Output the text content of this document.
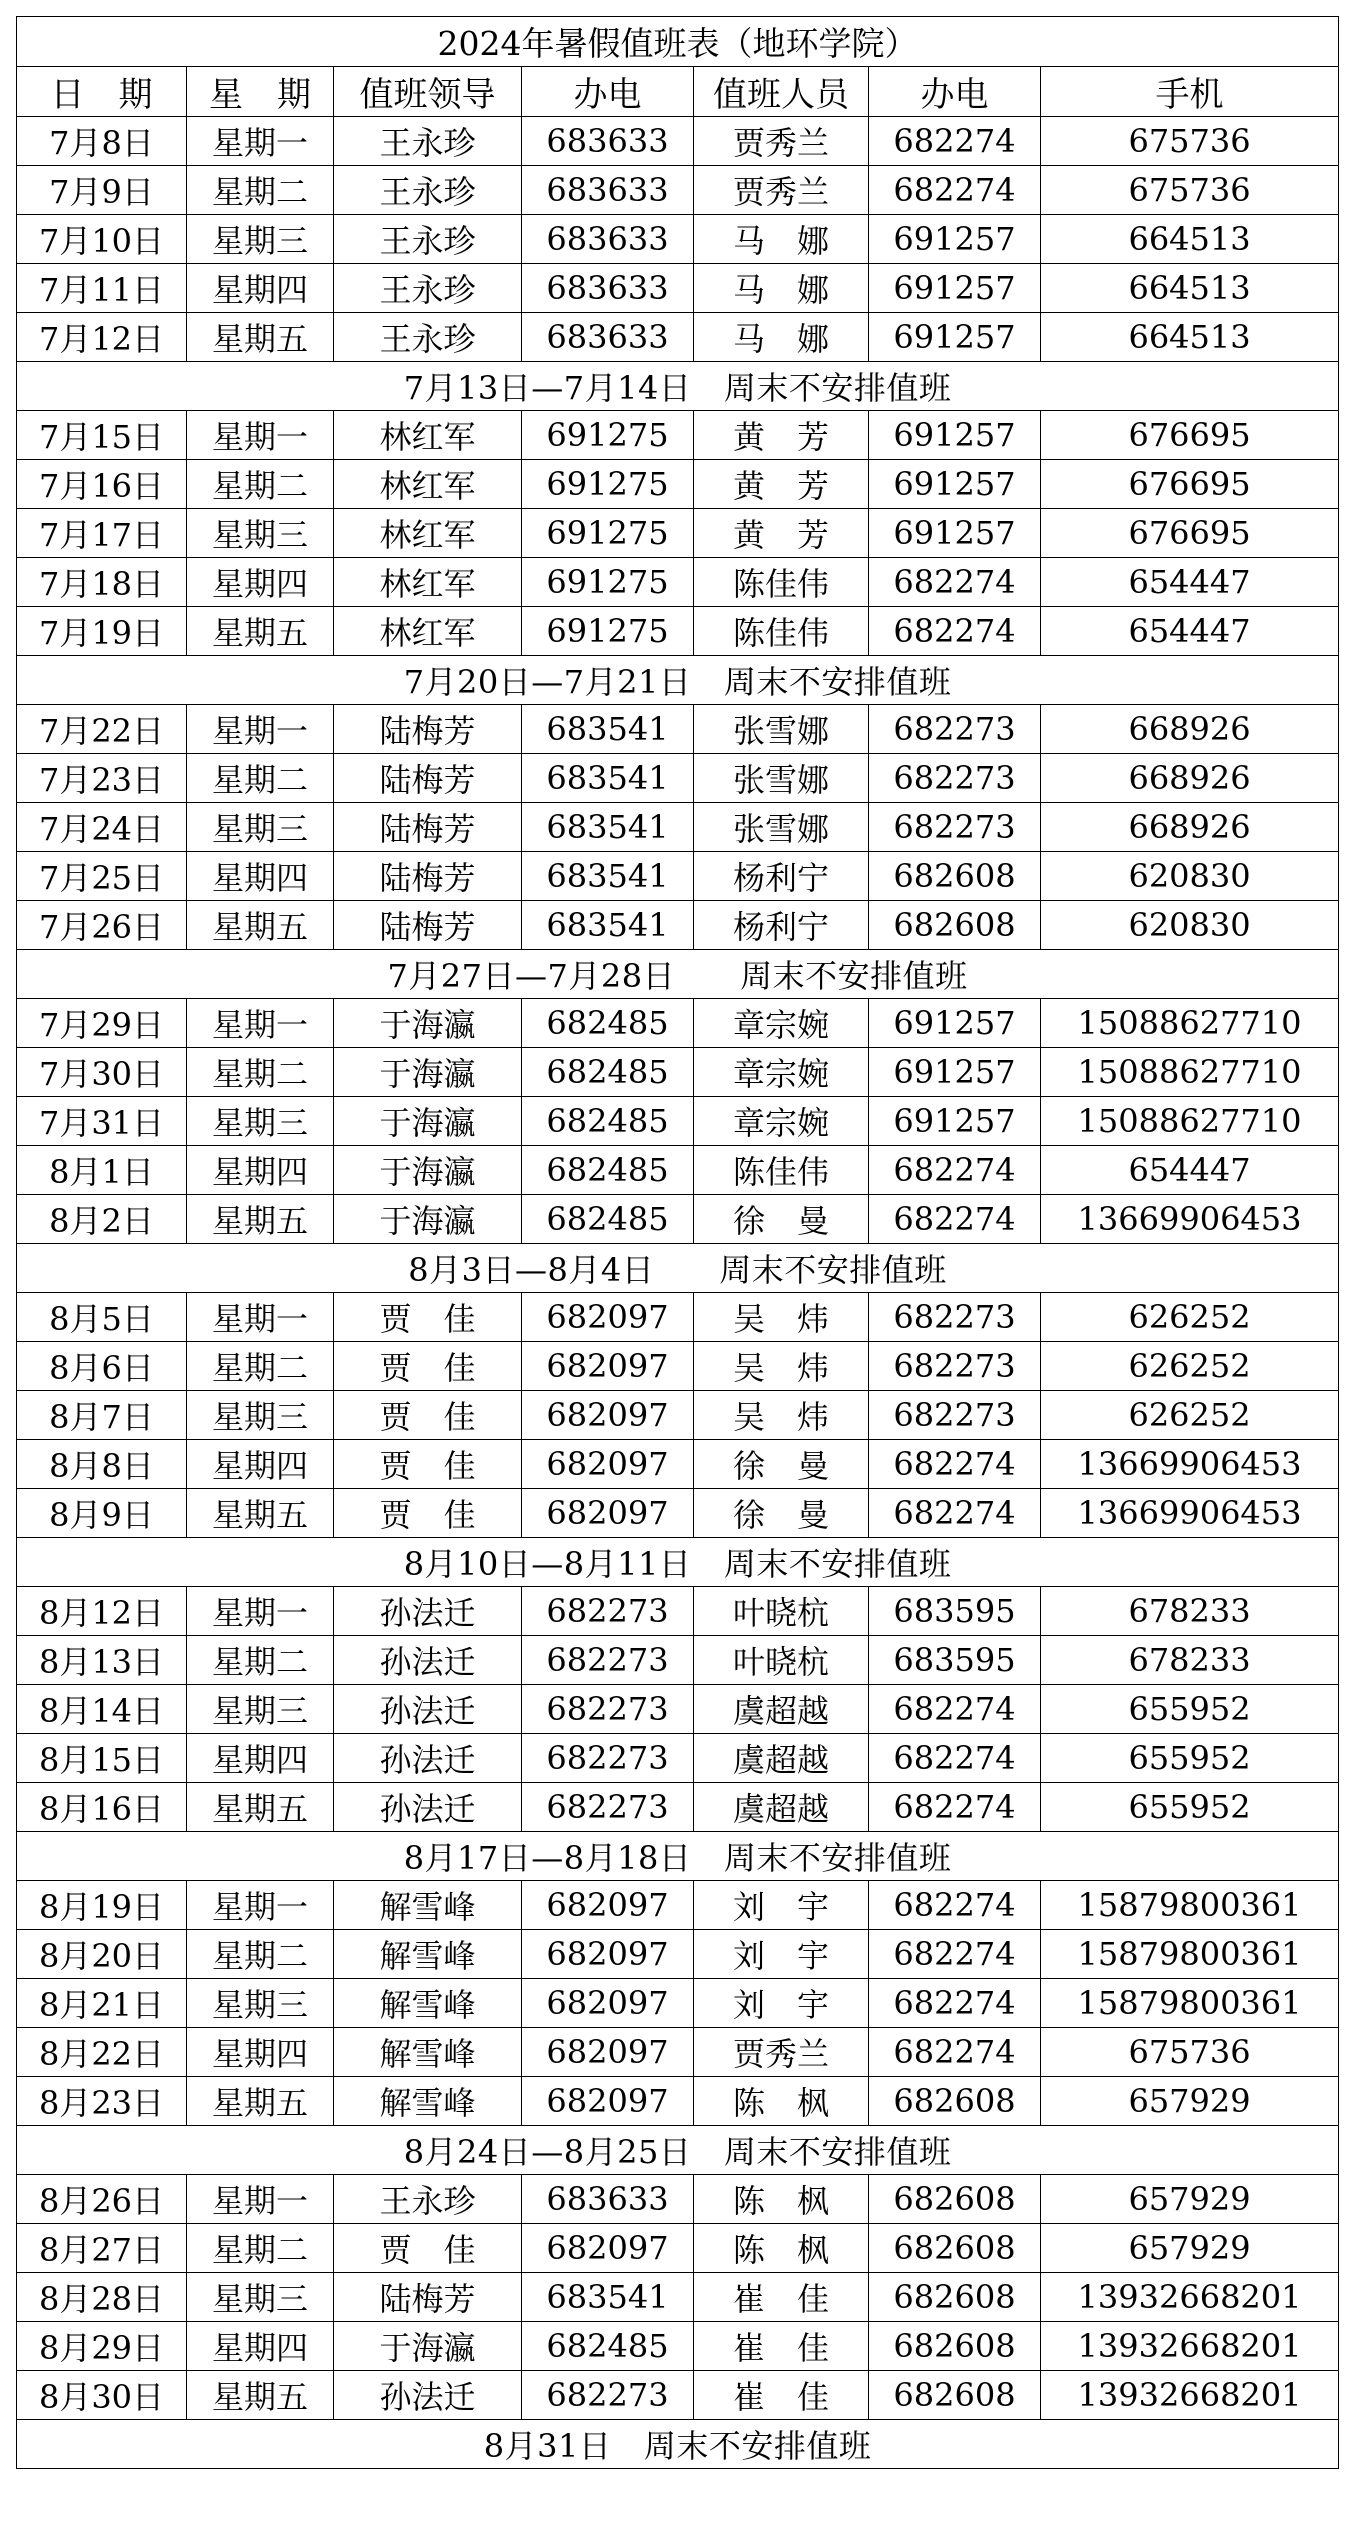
2024年暑假值班表（地环学院）						
日　期	星　期	值班领导	办电	值班人员	办电	手机
7月8日	星期一	王永珍	683633	贾秀兰	682274	675736
7月9日	星期二	王永珍	683633	贾秀兰	682274	675736
7月10日	星期三	王永珍	683633	马　娜	691257	664513
7月11日	星期四	王永珍	683633	马　娜	691257	664513
7月12日	星期五	王永珍	683633	马　娜	691257	664513
7月13日—7月14日　周末不安排值班						
7月15日	星期一	林红军	691275	黄　芳	691257	676695
7月16日	星期二	林红军	691275	黄　芳	691257	676695
7月17日	星期三	林红军	691275	黄　芳	691257	676695
7月18日	星期四	林红军	691275	陈佳伟	682274	654447
7月19日	星期五	林红军	691275	陈佳伟	682274	654447
7月20日—7月21日　周末不安排值班						
7月22日	星期一	陆梅芳	683541	张雪娜	682273	668926
7月23日	星期二	陆梅芳	683541	张雪娜	682273	668926
7月24日	星期三	陆梅芳	683541	张雪娜	682273	668926
7月25日	星期四	陆梅芳	683541	杨利宁	682608	620830
7月26日	星期五	陆梅芳	683541	杨利宁	682608	620830
7月27日—7月28日　　周末不安排值班						
7月29日	星期一	于海瀛	682485	章宗婉	691257	15088627710
7月30日	星期二	于海瀛	682485	章宗婉	691257	15088627710
7月31日	星期三	于海瀛	682485	章宗婉	691257	15088627710
8月1日	星期四	于海瀛	682485	陈佳伟	682274	654447
8月2日	星期五	于海瀛	682485	徐　曼	682274	13669906453
8月3日—8月4日　　周末不安排值班						
8月5日	星期一	贾　佳	682097	吴　炜	682273	626252
8月6日	星期二	贾　佳	682097	吴　炜	682273	626252
8月7日	星期三	贾　佳	682097	吴　炜	682273	626252
8月8日	星期四	贾　佳	682097	徐　曼	682274	13669906453
8月9日	星期五	贾　佳	682097	徐　曼	682274	13669906453
8月10日—8月11日　周末不安排值班						
8月12日	星期一	孙法迁	682273	叶晓杭	683595	678233
8月13日	星期二	孙法迁	682273	叶晓杭	683595	678233
8月14日	星期三	孙法迁	682273	虞超越	682274	655952
8月15日	星期四	孙法迁	682273	虞超越	682274	655952
8月16日	星期五	孙法迁	682273	虞超越	682274	655952
8月17日—8月18日　周末不安排值班						
8月19日	星期一	解雪峰	682097	刘　宇	682274	15879800361
8月20日	星期二	解雪峰	682097	刘　宇	682274	15879800361
8月21日	星期三	解雪峰	682097	刘　宇	682274	15879800361
8月22日	星期四	解雪峰	682097	贾秀兰	682274	675736
8月23日	星期五	解雪峰	682097	陈　枫	682608	657929
8月24日—8月25日　周末不安排值班						
8月26日	星期一	王永珍	683633	陈　枫	682608	657929
8月27日	星期二	贾　佳	682097	陈　枫	682608	657929
8月28日	星期三	陆梅芳	683541	崔　佳	682608	13932668201
8月29日	星期四	于海瀛	682485	崔　佳	682608	13932668201
8月30日	星期五	孙法迁	682273	崔　佳	682608	13932668201
8月31日　周末不安排值班						
